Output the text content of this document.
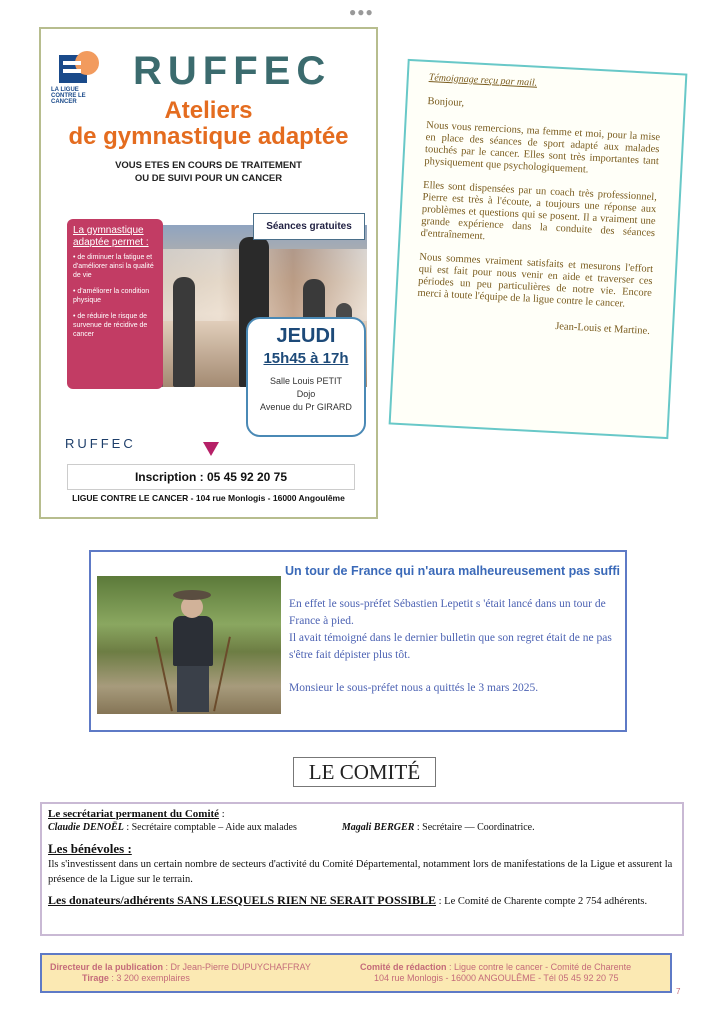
●●●
LA LIGUE CONTRE LE CANCER
RUFFEC
Ateliers
de gymnastique adaptée
VOUS ETES EN COURS DE TRAITEMENT
OU DE SUIVI POUR UN CANCER
La gymnastique adaptée permet :
• de diminuer la fatigue et d'améliorer ainsi la qualité de vie
• d'améliorer la condition physique
• de réduire le risque de survenue de récidive de cancer
Séances gratuites
JEUDI
15h45 à 17h
Salle Louis PETIT
Dojo
Avenue du Pr GIRARD
RUFFEC
Inscription : 05 45 92 20 75
LIGUE CONTRE LE CANCER - 104 rue Monlogis - 16000 Angoulême
Témoignage reçu par mail.
Bonjour,
Nous vous remercions, ma femme et moi, pour la mise en place des séances de sport adapté aux malades touchés par le cancer. Elles sont très importantes tant physiquement que psychologiquement.
Elles sont dispensées par un coach très professionnel, Pierre est très à l'écoute, a toujours une réponse aux problèmes et questions qui se posent. Il a vraiment une grande expérience dans la conduite des séances d'entraînement.
Nous sommes vraiment satisfaits et mesurons l'effort qui est fait pour nous venir en aide et traverser ces périodes un peu particulières de notre vie. Encore merci à toute l'équipe de la ligue contre le cancer.
Jean-Louis et Martine.
Un tour de France qui n'aura malheureusement pas suffi

En effet le sous-préfet Sébastien Lepetit s 'était lancé dans un tour de France à pied.

Il avait témoigné dans le dernier bulletin que son regret était de ne pas s'être fait dépister plus tôt.

Monsieur le sous-préfet nous a quittés le 3 mars 2025.

LE COMITÉ
Le secrétariat permanent du Comité :
Claudie DENOËL : Secrétaire comptable – Aide aux malades	Magali BERGER : Secrétaire — Coordinatrice.
Les bénévoles :
Ils s'investissent dans un certain nombre de secteurs d'activité du Comité Départemental, notamment lors de manifestations de la Ligue et assurent la présence de la Ligue sur le terrain.
Les donateurs/adhérents SANS LESQUELS RIEN NE SERAIT POSSIBLE : Le Comité de Charente compte 2 754 adhérents.
Directeur de la publication : Dr Jean-Pierre DUPUYCHAFFRAY
Tirage : 3 200 exemplaires
Comité de rédaction : Ligue contre le cancer - Comité de Charente
104 rue Monlogis - 16000 ANGOULÊME - Tél 05 45 92 20 75
7
